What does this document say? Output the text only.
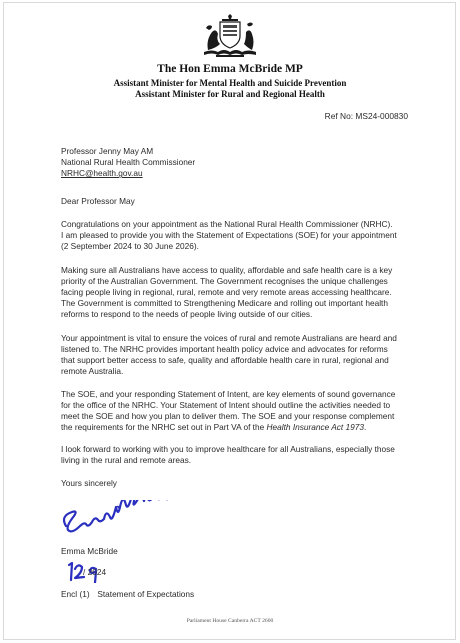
The Hon Emma McBride MP
Assistant Minister for Mental Health and Suicide Prevention
Assistant Minister for Rural and Regional Health
Ref No: MS24-000830
Professor Jenny May AM
National Rural Health Commissioner
NRHC@health.gov.au
Dear Professor May
Congratulations on your appointment as the National Rural Health Commissioner (NRHC).
I am pleased to provide you with the Statement of Expectations (SOE) for your appointment
(2 September 2024 to 30 June 2026).
Making sure all Australians have access to quality, affordable and safe health care is a key
priority of the Australian Government. The Government recognises the unique challenges
facing people living in regional, rural, remote and very remote areas accessing healthcare.
The Government is committed to Strengthening Medicare and rolling out important health
reforms to respond to the needs of people living outside of our cities.
Your appointment is vital to ensure the voices of rural and remote Australians are heard and
listened to. The NRHC provides important health policy advice and advocates for reforms
that support better access to safe, quality and affordable health care in rural, regional and
remote Australia.
The SOE, and your responding Statement of Intent, are key elements of sound governance
for the office of the NRHC. Your Statement of Intent should outline the activities needed to
meet the SOE and how you plan to deliver them. The SOE and your response complement
the requirements for the NRHC set out in Part VA of the Health Insurance Act 1973.
I look forward to working with you to improve healthcare for all Australians, especially those
living in the rural and remote areas.
Yours sincerely
Emma McBride
/ 2024
Encl (1) Statement of Expectations
Parliament House Canberra ACT 2600
